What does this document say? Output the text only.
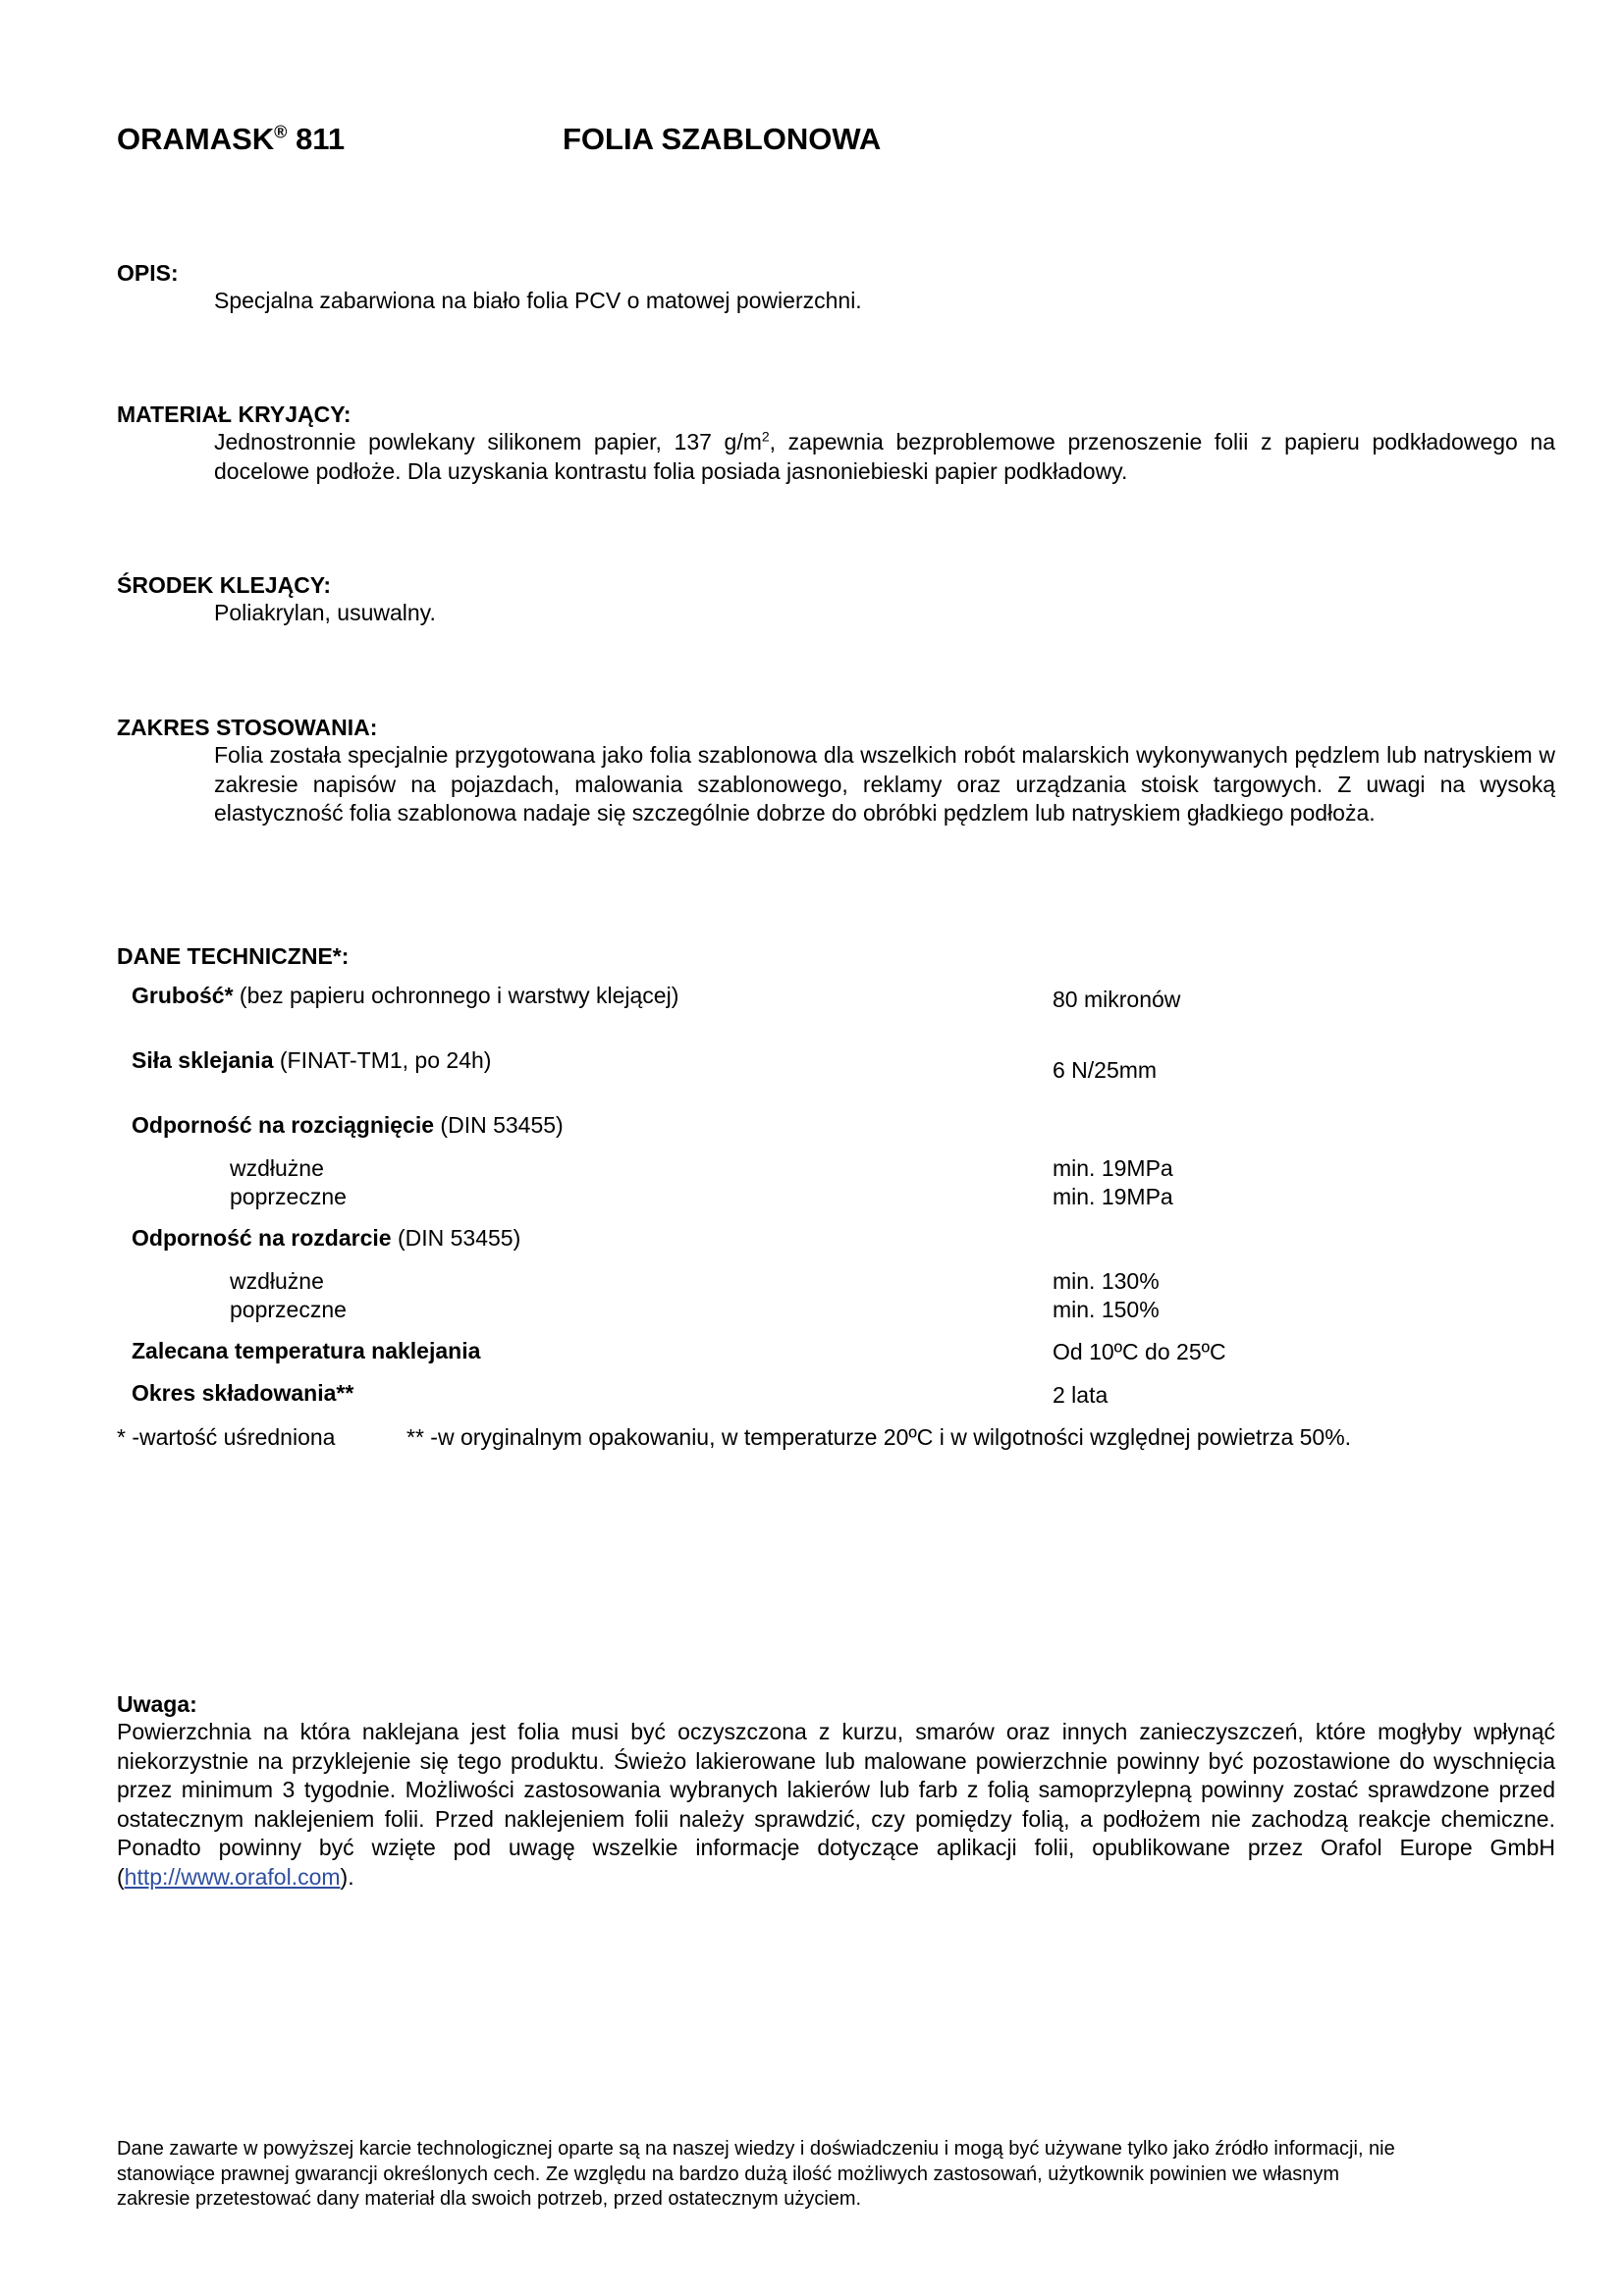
ORAMASK® 811	FOLIA SZABLONOWA
OPIS:
Specjalna zabarwiona na biało folia PCV o matowej powierzchni.
MATERIAŁ KRYJĄCY:
Jednostronnie powlekany silikonem papier, 137 $g/m^2$, zapewnia bezproblemowe przenoszenie folii z papieru podkładowego na docelowe podłoże. Dla uzyskania kontrastu folia posiada jasnoniebieski papier podkładowy.
ŚRODEK KLEJĄCY:
Poliakrylan, usuwalny.
ZAKRES STOSOWANIA:
Folia została specjalnie przygotowana jako folia szablonowa dla wszelkich robót malarskich wykonywanych pędzlem lub natryskiem w zakresie napisów na pojazdach, malowania szablonowego, reklamy oraz urządzania stoisk targowych. Z uwagi na wysoką elastyczność folia szablonowa nadaje się szczególnie dobrze do obróbki pędzlem lub natryskiem gładkiego podłoża.
DANE TECHNICZNE*:
Grubość* (bez papieru ochronnego i warstwy klejącej)	80 mikronów
Siła sklejania (FINAT-TM1, po 24h)	6 N/25mm
Odporność na rozciągnięcie (DIN 53455)
wzdłużne	min. 19MPa
poprzeczne	min. 19MPa
Odporność na rozdarcie (DIN 53455)
wzdłużne	min. 130%
poprzeczne	min. 150%
Zalecana temperatura naklejania	Od 10ºC do 25ºC
Okres składowania**	2 lata
* -wartość uśredniona	** -w oryginalnym opakowaniu, w temperaturze 20ºC i w wilgotności względnej powietrza 50%.
Uwaga:
Powierzchnia na która naklejana jest folia musi być oczyszczona z kurzu, smarów oraz innych zanieczyszczeń, które mogłyby wpłynąć niekorzystnie na przyklejenie się tego produktu. Świeżo lakierowane lub malowane powierzchnie powinny być pozostawione do wyschnięcia przez minimum 3 tygodnie. Możliwości zastosowania wybranych lakierów lub farb z folią samoprzylepną powinny zostać sprawdzone przed ostatecznym naklejeniem folii. Przed naklejeniem folii należy sprawdzić, czy pomiędzy folią, a podłożem nie zachodzą reakcje chemiczne. Ponadto powinny być wzięte pod uwagę wszelkie informacje dotyczące aplikacji folii, opublikowane przez Orafol Europe GmbH (http://www.orafol.com).
Dane zawarte w powyższej karcie technologicznej oparte są na naszej wiedzy i doświadczeniu i mogą być używane tylko jako źródło informacji, nie
stanowiące prawnej gwarancji określonych cech. Ze względu na bardzo dużą ilość możliwych zastosowań, użytkownik powinien we własnym
zakresie przetestować dany materiał dla swoich potrzeb, przed ostatecznym użyciem.
